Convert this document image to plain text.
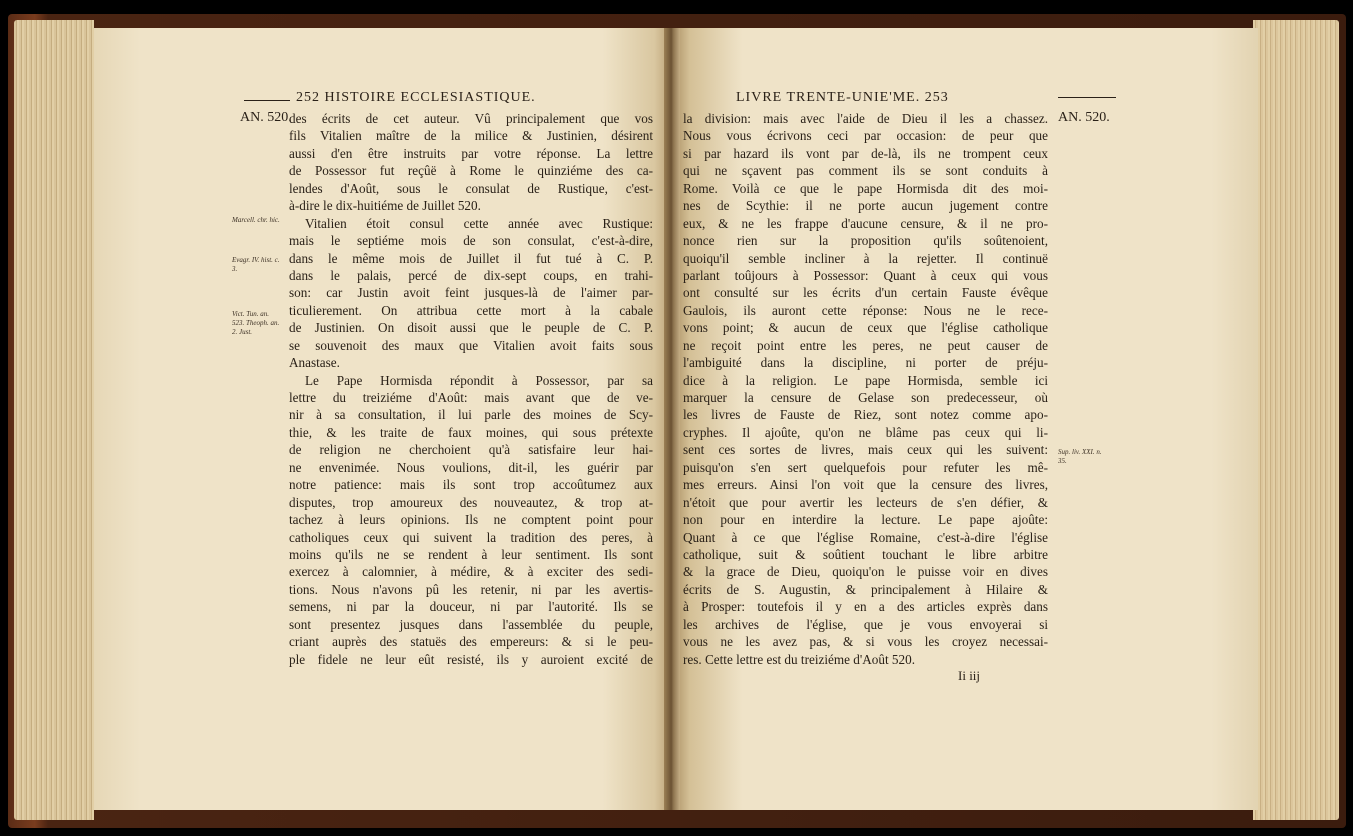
252 HISTOIRE ECCLESIASTIQUE.
AN. 520.
Marcell. chr. hic.
Evagr. IV. hist. c. 3.
Vict. Tun. an. 523. Theoph. an. 2. Just.
des écrits de cet auteur. Vû principalement que vos
fils Vitalien maître de la milice & Justinien, désirent
aussi d'en être instruits par votre réponse. La lettre
de Possessor fut reçûë à Rome le quinziéme des ca-
lendes d'Août, sous le consulat de Rustique, c'est-
à-dire le dix-huitiéme de Juillet 520.
Vitalien étoit consul cette année avec Rustique:
mais le septiéme mois de son consulat, c'est-à-dire,
dans le même mois de Juillet il fut tué à C. P.
dans le palais, percé de dix-sept coups, en trahi-
son: car Justin avoit feint jusques-là de l'aimer par-
ticulierement. On attribua cette mort à la cabale
de Justinien. On disoit aussi que le peuple de C. P.
se souvenoit des maux que Vitalien avoit faits sous
Anastase.
Le Pape Hormisda répondit à Possessor, par sa
lettre du treiziéme d'Août: mais avant que de ve-
nir à sa consultation, il lui parle des moines de Scy-
thie, & les traite de faux moines, qui sous prétexte
de religion ne cherchoient qu'à satisfaire leur hai-
ne envenimée. Nous voulions, dit-il, les guérir par
notre patience: mais ils sont trop accoûtumez aux
disputes, trop amoureux des nouveautez, & trop at-
tachez à leurs opinions. Ils ne comptent point pour
catholiques ceux qui suivent la tradition des peres, à
moins qu'ils ne se rendent à leur sentiment. Ils sont
exercez à calomnier, à médire, & à exciter des sedi-
tions. Nous n'avons pû les retenir, ni par les avertis-
semens, ni par la douceur, ni par l'autorité. Ils se
sont presentez jusques dans l'assemblée du peuple,
criant auprès des statuës des empereurs: & si le peu-
ple fidele ne leur eût resisté, ils y auroient excité de
LIVRE TRENTE-UNIE'ME. 253
AN. 520.
Sup. liv. XXI. n. 35.
la division: mais avec l'aide de Dieu il les a chassez.
Nous vous écrivons ceci par occasion: de peur que
si par hazard ils vont par de-là, ils ne trompent ceux
qui ne sçavent pas comment ils se sont conduits à
Rome. Voilà ce que le pape Hormisda dit des moi-
nes de Scythie: il ne porte aucun jugement contre
eux, & ne les frappe d'aucune censure, & il ne pro-
nonce rien sur la proposition qu'ils soûtenoient,
quoiqu'il semble incliner à la rejetter. Il continuë
parlant toûjours à Possessor: Quant à ceux qui vous
ont consulté sur les écrits d'un certain Fauste évêque
Gaulois, ils auront cette réponse: Nous ne le rece-
vons point; & aucun de ceux que l'église catholique
ne reçoit point entre les peres, ne peut causer de
l'ambiguité dans la discipline, ni porter de préju-
dice à la religion. Le pape Hormisda, semble ici
marquer la censure de Gelase son predecesseur, où
les livres de Fauste de Riez, sont notez comme apo-
cryphes. Il ajoûte, qu'on ne blâme pas ceux qui li-
sent ces sortes de livres, mais ceux qui les suivent:
puisqu'on s'en sert quelquefois pour refuter les mê-
mes erreurs. Ainsi l'on voit que la censure des livres,
n'étoit que pour avertir les lecteurs de s'en défier, &
non pour en interdire la lecture. Le pape ajoûte:
Quant à ce que l'église Romaine, c'est-à-dire l'église
catholique, suit & soûtient touchant le libre arbitre
& la grace de Dieu, quoiqu'on le puisse voir en dives
écrits de S. Augustin, & principalement à Hilaire &
à Prosper: toutefois il y en a des articles exprès dans
les archives de l'église, que je vous envoyerai si
vous ne les avez pas, & si vous les croyez necessai-
res. Cette lettre est du treiziéme d'Août 520.
Ii iij
